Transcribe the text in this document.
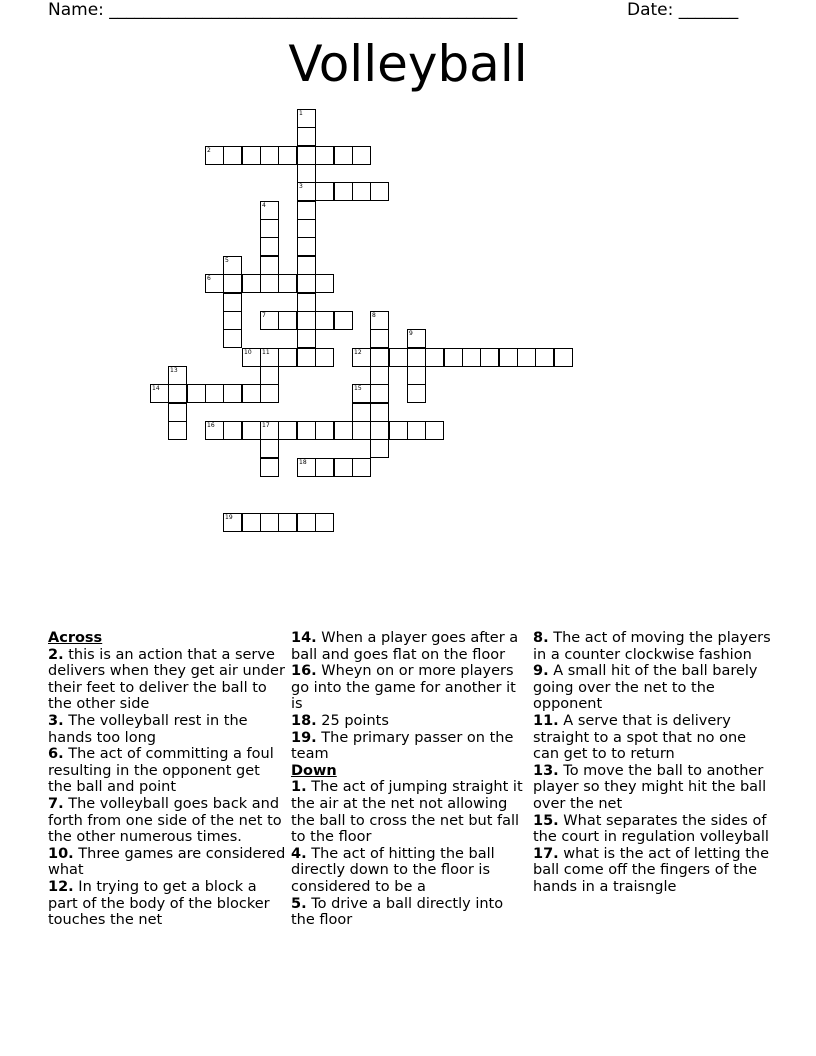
Name: ________________________________________________	Date: _______
Volleyball
1
3
2
4
5
6
7	8
9
10 11	12
13
14	15
16	17
18
19
Across
2. this is an action that a serve delivers when they get air under their feet to deliver the ball to the other side
3. The volleyball rest in the hands too long
6. The act of committing a foul resulting in the opponent get the ball and point
7. The volleyball goes back and forth from one side of the net to the other numerous times.
10. Three games are considered what
12. In trying to get a block a part of the body of the blocker touches the net
14. When a player goes after a ball and goes flat on the floor
16. Wheyn on or more players go into the game for another it is
18. 25 points
19. The primary passer on the team
Down
1. The act of jumping straight it the air at the net not allowing the ball to cross the net but fall to the floor
4. The act of hitting the ball directly down to the floor is considered to be a
5. To drive a ball directly into the floor
8. The act of moving the players in a counter clockwise fashion
9. A small hit of the ball barely going over the net to the opponent
11. A serve that is delivery straight to a spot that no one can get to to return
13. To move the ball to another player so they might hit the ball over the net
15. What separates the sides of the court in regulation volleyball
17. what is the act of letting the ball come off the fingers of the hands in a traisngle
